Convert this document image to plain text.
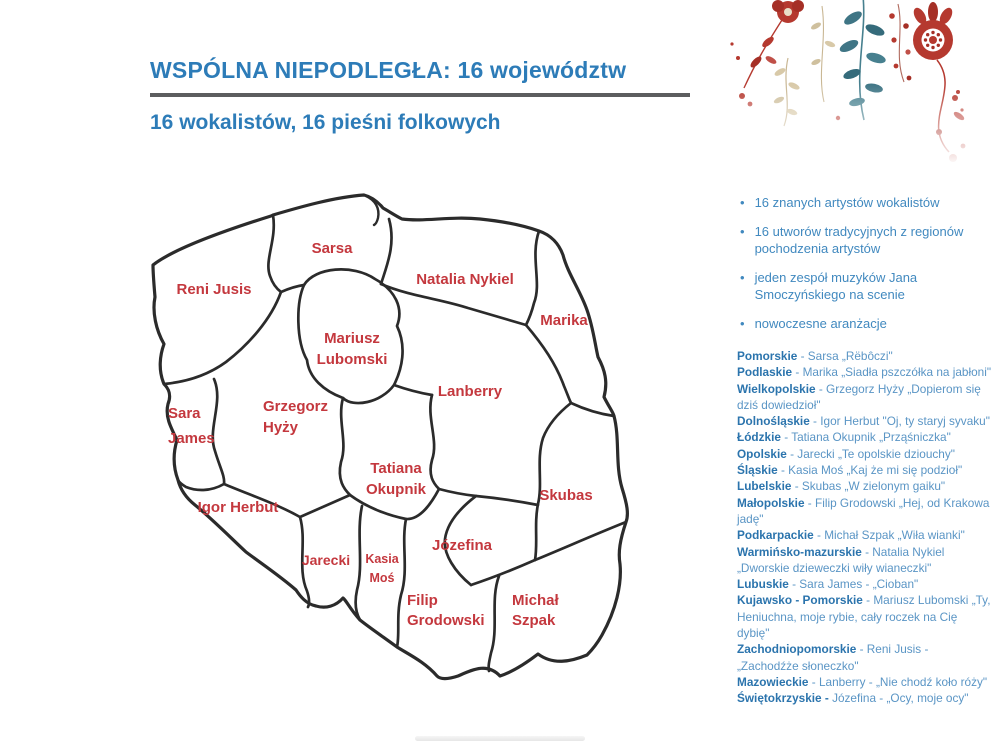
WSPÓLNA NIEPODLEGŁA: 16 województw
16 wokalistów, 16 pieśni folkowych
Sarsa
Reni Jusis
Natalia Nykiel
Marika
Mariusz Lubomski
Lanberry
Grzegorz Hyży
Sara James
Tatiana Okupnik	Skubas
Igor Herbut
Jarecki Kasia Moś
Józefina
Filip Grodowski
Michał Szpak
• 16 znanych artystów wokalistów
• 16 utworów tradycyjnych z regionów pochodzenia artystów
• jeden zespół muzyków Jana Smoczyńskiego na scenie
• nowoczesne aranżacje
Pomorskie - Sarsa „Rëbôczi"
Podlaskie - Marika „Siadła pszczółka na jabłoni"
Wielkopolskie - Grzegorz Hyży „Dopierom się dziś dowiedzioł"
Dolnośląskie - Igor Herbut "Oj, ty staryj syvaku"
Łódzkie - Tatiana Okupnik „Prząśniczka"
Opolskie - Jarecki „Te opolskie dziouchy"
Śląskie - Kasia Moś „Kaj że mi się podzioł"
Lubelskie - Skubas „W zielonym gaiku"
Małopolskie - Filip Grodowski „Hej, od Krakowa jadę"
Podkarpackie - Michał Szpak „Wiła wianki"
Warmińsko-mazurskie - Natalia Nykiel „Dworskie dzieweczki wiły wianeczki"
Lubuskie - Sara James - „Cioban"
Kujawsko - Pomorskie - Mariusz Lubomski „Ty, Heniuchna, moje rybie, cały roczek na Cię dybię"
Zachodniopomorskie - Reni Jusis - „Zachodźże słoneczko"
Mazowieckie - Lanberry - „Nie chodź koło róży"
Świętokrzyskie - Józefina - „Ocy, moje ocy"
